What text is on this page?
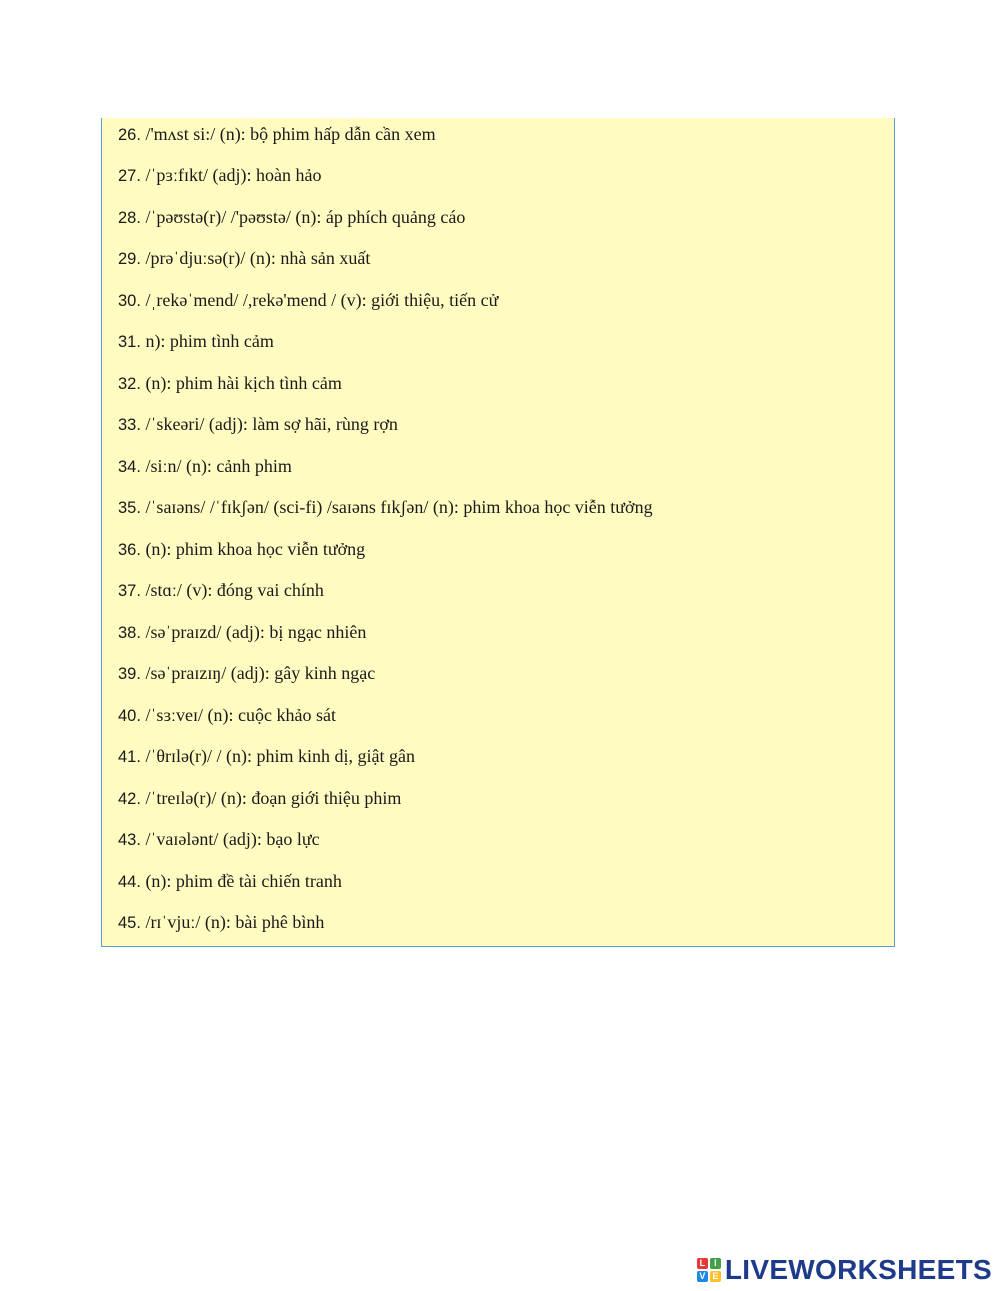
26. /'mʌst si:/ (n): bộ phim hấp dẫn cần xem
27. /ˈpɜːfɪkt/ (adj): hoàn hảo
28. /ˈpəʊstə(r)/ /'pəʊstə/ (n): áp phích quảng cáo
29. /prəˈdjuːsə(r)/ (n): nhà sản xuất
30. /ˌrekəˈmend/ /,rekə'mend / (v): giới thiệu, tiến cử
31. n): phim tình cảm
32. (n): phim hài kịch tình cảm
33. /ˈskeəri/ (adj): làm sợ hãi, rùng rợn
34. /siːn/ (n): cảnh phim
35. /ˈsaɪəns/ /ˈfɪkʃən/ (sci-fi) /saɪəns fɪkʃən/ (n): phim khoa học viễn tưởng
36. (n): phim khoa học viễn tưởng
37. /stɑː/ (v): đóng vai chính
38. /səˈpraɪzd/ (adj): bị ngạc nhiên
39. /səˈpraɪzɪŋ/ (adj): gây kinh ngạc
40. /ˈsɜːveɪ/ (n): cuộc khảo sát
41. /ˈθrɪlə(r)/ / (n): phim kinh dị, giật gân
42. /ˈtreɪlə(r)/ (n): đoạn giới thiệu phim
43. /ˈvaɪələnt/ (adj): bạo lực
44. (n): phim đề tài chiến tranh
45. /rɪˈvjuː/ (n): bài phê bình
L I
V E LIVEWORKSHEETS
